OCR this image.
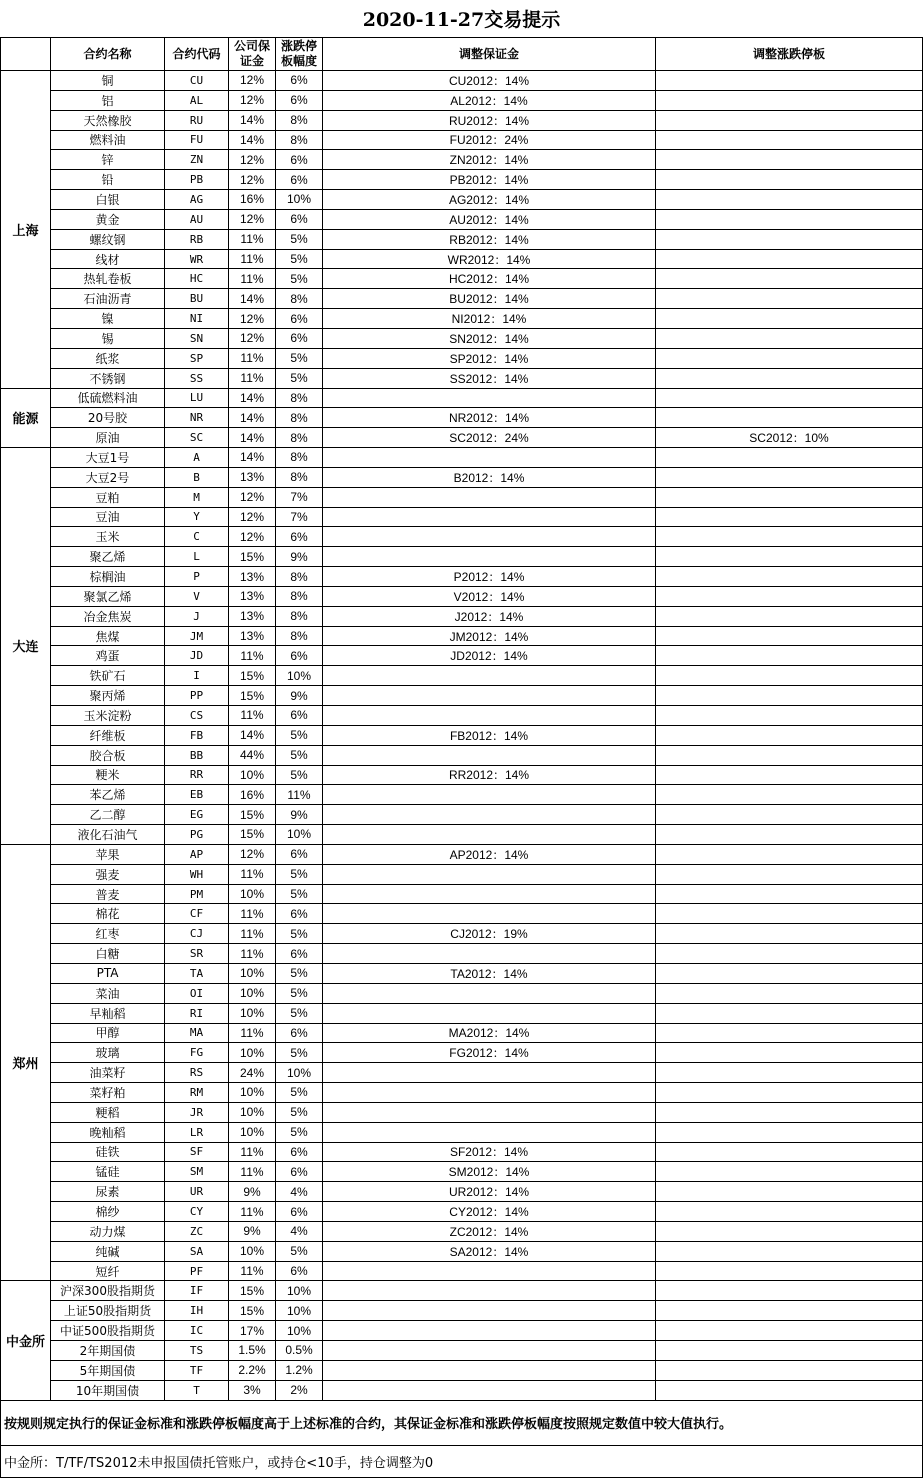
2020-11-27交易提示
	合约名称	合约代码	公司保证金	涨跌停板幅度	调整保证金	调整涨跌停板
上海	铜	CU	12%	6%	CU2012：14%	
	铝	AL	12%	6%	AL2012：14%	
	天然橡胶	RU	14%	8%	RU2012：14%	
	燃料油	FU	14%	8%	FU2012：24%	
	锌	ZN	12%	6%	ZN2012：14%	
	铅	PB	12%	6%	PB2012：14%	
	白银	AG	16%	10%	AG2012：14%	
	黄金	AU	12%	6%	AU2012：14%	
	螺纹钢	RB	11%	5%	RB2012：14%	
	线材	WR	11%	5%	WR2012：14%	
	热轧卷板	HC	11%	5%	HC2012：14%	
	石油沥青	BU	14%	8%	BU2012：14%	
	镍	NI	12%	6%	NI2012：14%	
	锡	SN	12%	6%	SN2012：14%	
	纸浆	SP	11%	5%	SP2012：14%	
	不锈钢	SS	11%	5%	SS2012：14%	
能源	低硫燃料油	LU	14%	8%		
	20号胶	NR	14%	8%	NR2012：14%	
	原油	SC	14%	8%	SC2012：24%	SC2012：10%
大连	大豆1号	A	14%	8%		
	大豆2号	B	13%	8%	B2012：14%	
	豆粕	M	12%	7%		
	豆油	Y	12%	7%		
	玉米	C	12%	6%		
	聚乙烯	L	15%	9%		
	棕榈油	P	13%	8%	P2012：14%	
	聚氯乙烯	V	13%	8%	V2012：14%	
	冶金焦炭	J	13%	8%	J2012：14%	
	焦煤	JM	13%	8%	JM2012：14%	
	鸡蛋	JD	11%	6%	JD2012：14%	
	铁矿石	I	15%	10%		
	聚丙烯	PP	15%	9%		
	玉米淀粉	CS	11%	6%		
	纤维板	FB	14%	5%	FB2012：14%	
	胶合板	BB	44%	5%		
	粳米	RR	10%	5%	RR2012：14%	
	苯乙烯	EB	16%	11%		
	乙二醇	EG	15%	9%		
	液化石油气	PG	15%	10%		
郑州	苹果	AP	12%	6%	AP2012：14%	
	强麦	WH	11%	5%		
	普麦	PM	10%	5%		
	棉花	CF	11%	6%		
	红枣	CJ	11%	5%	CJ2012：19%	
	白糖	SR	11%	6%		
	PTA	TA	10%	5%	TA2012：14%	
	菜油	OI	10%	5%		
	早籼稻	RI	10%	5%		
	甲醇	MA	11%	6%	MA2012：14%	
	玻璃	FG	10%	5%	FG2012：14%	
	油菜籽	RS	24%	10%		
	菜籽粕	RM	10%	5%		
	粳稻	JR	10%	5%		
	晚籼稻	LR	10%	5%		
	硅铁	SF	11%	6%	SF2012：14%	
	锰硅	SM	11%	6%	SM2012：14%	
	尿素	UR	9%	4%	UR2012：14%	
	棉纱	CY	11%	6%	CY2012：14%	
	动力煤	ZC	9%	4%	ZC2012：14%	
	纯碱	SA	10%	5%	SA2012：14%	
	短纤	PF	11%	6%		
中金所	沪深300股指期货	IF	15%	10%		
	上证50股指期货	IH	15%	10%		
	中证500股指期货	IC	17%	10%		
	2年期国债	TS	1.5%	0.5%		
	5年期国债	TF	2.2%	1.2%		
	10年期国债	T	3%	2%		
按规则规定执行的保证金标准和涨跌停板幅度高于上述标准的合约，其保证金标准和涨跌停板幅度按照规定数值中较大值执行。						
中金所：T/TF/TS2012未申报国债托管账户，或持仓<10手，持仓调整为0						
